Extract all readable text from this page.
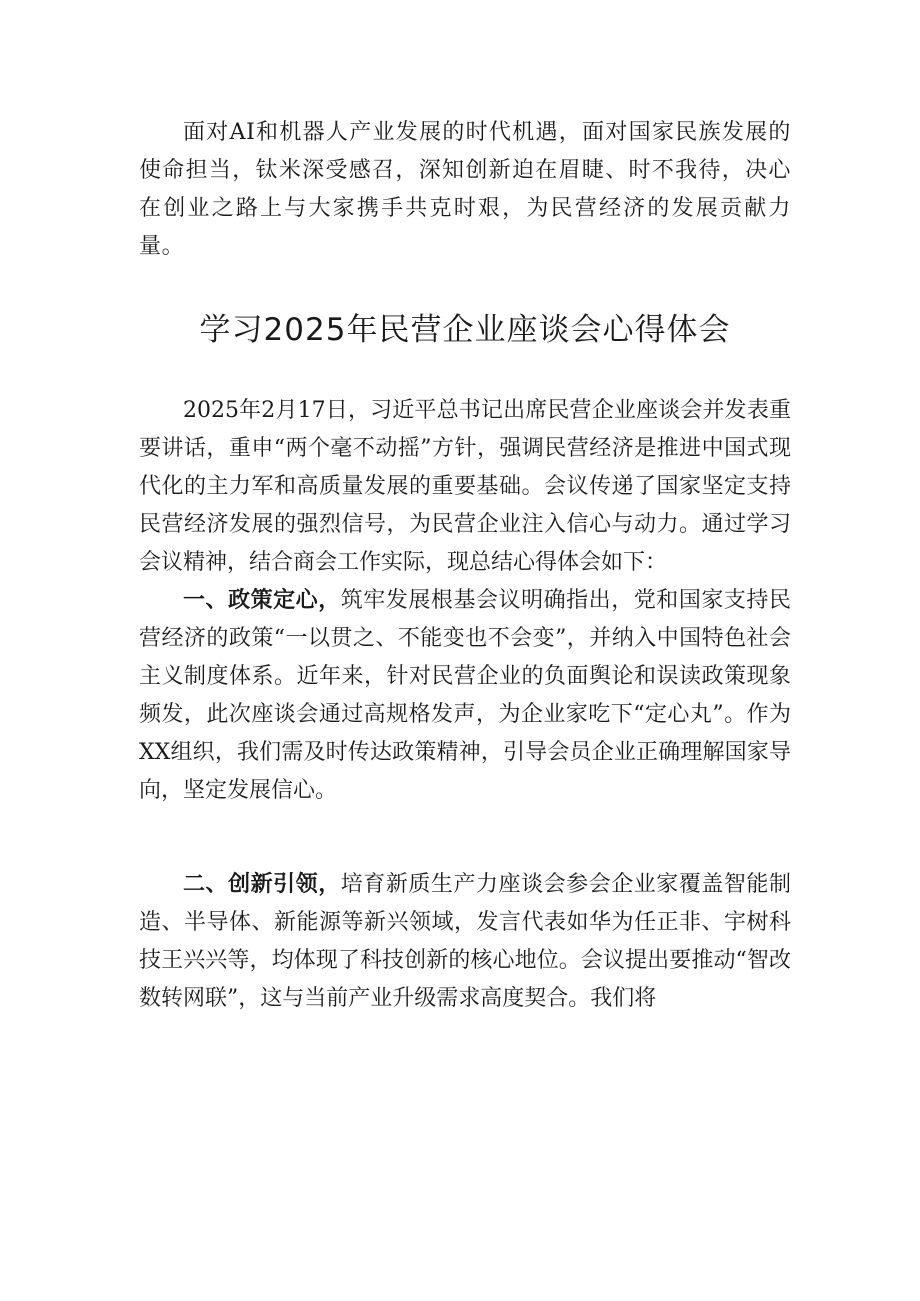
面对AI和机器人产业发展的时代机遇，面对国家民族发展的使命担当，钛米深受感召，深知创新迫在眉睫、时不我待，决心在创业之路上与大家携手共克时艰，为民营经济的发展贡献力量。

学习2025年民营企业座谈会心得体会

2025年2月17日，习近平总书记出席民营企业座谈会并发表重要讲话，重申“两个毫不动摇”方针，强调民营经济是推进中国式现代化的主力军和高质量发展的重要基础。会议传递了国家坚定支持民营经济发展的强烈信号，为民营企业注入信心与动力。通过学习会议精神，结合商会工作实际，现总结心得体会如下：

一、政策定心，筑牢发展根基会议明确指出，党和国家支持民营经济的政策“一以贯之、不能变也不会变”，并纳入中国特色社会主义制度体系。近年来，针对民营企业的负面舆论和误读政策现象频发，此次座谈会通过高规格发声，为企业家吃下“定心丸”。作为XX组织，我们需及时传达政策精神，引导会员企业正确理解国家导向，坚定发展信心。

二、创新引领，培育新质生产力座谈会参会企业家覆盖智能制造、半导体、新能源等新兴领域，发言代表如华为任正非、宇树科技王兴兴等，均体现了科技创新的核心地位。会议提出要推动“智改数转网联”，这与当前产业升级需求高度契合。我们将
